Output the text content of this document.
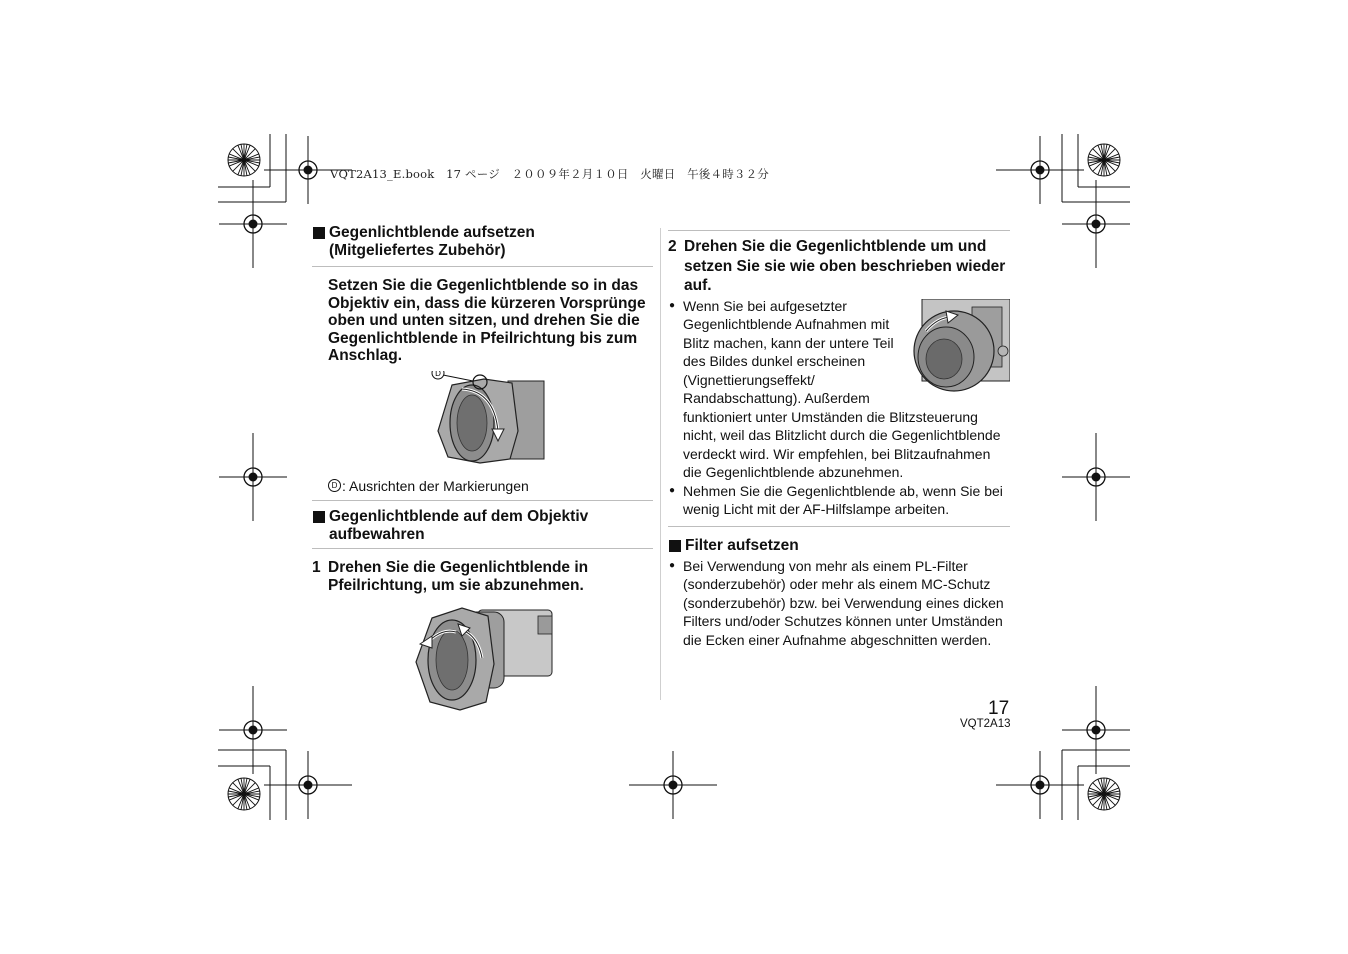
VQT2A13_E.book　17 ページ　２００９年２月１０日　火曜日　午後４時３２分
Gegenlichtblende aufsetzen
(Mitgeliefertes Zubehör)
Setzen Sie die Gegenlichtblende so in das Objektiv ein, dass die kürzeren Vorsprünge oben und unten sitzen, und drehen Sie die Gegenlichtblende in Pfeilrichtung bis zum Anschlag.
D
D : Ausrichten der Markierungen
Gegenlichtblende auf dem Objektiv
aufbewahren
1 Drehen Sie die Gegenlichtblende in Pfeilrichtung, um sie abzunehmen.
2 Drehen Sie die Gegenlichtblende um und setzen Sie sie wie oben beschrieben wieder auf.
● Wenn Sie bei aufgesetzter Gegenlichtblende Aufnahmen mit Blitz machen, kann der untere Teil des Bildes dunkel erscheinen (Vignettierungseffekt/ Randabschattung). Außerdem funktioniert unter Umständen die Blitzsteuerung nicht, weil das Blitzlicht durch die Gegenlichtblende verdeckt wird. Wir empfehlen, bei Blitzaufnahmen die Gegenlichtblende abzunehmen.
● Nehmen Sie die Gegenlichtblende ab, wenn Sie bei wenig Licht mit der AF-Hilfslampe arbeiten.
Filter aufsetzen
● Bei Verwendung von mehr als einem PL-Filter (sonderzubehör) oder mehr als einem MC-Schutz (sonderzubehör) bzw. bei Verwendung eines dicken Filters und/oder Schutzes können unter Umständen die Ecken einer Aufnahme abgeschnitten werden.
17
VQT2A13
